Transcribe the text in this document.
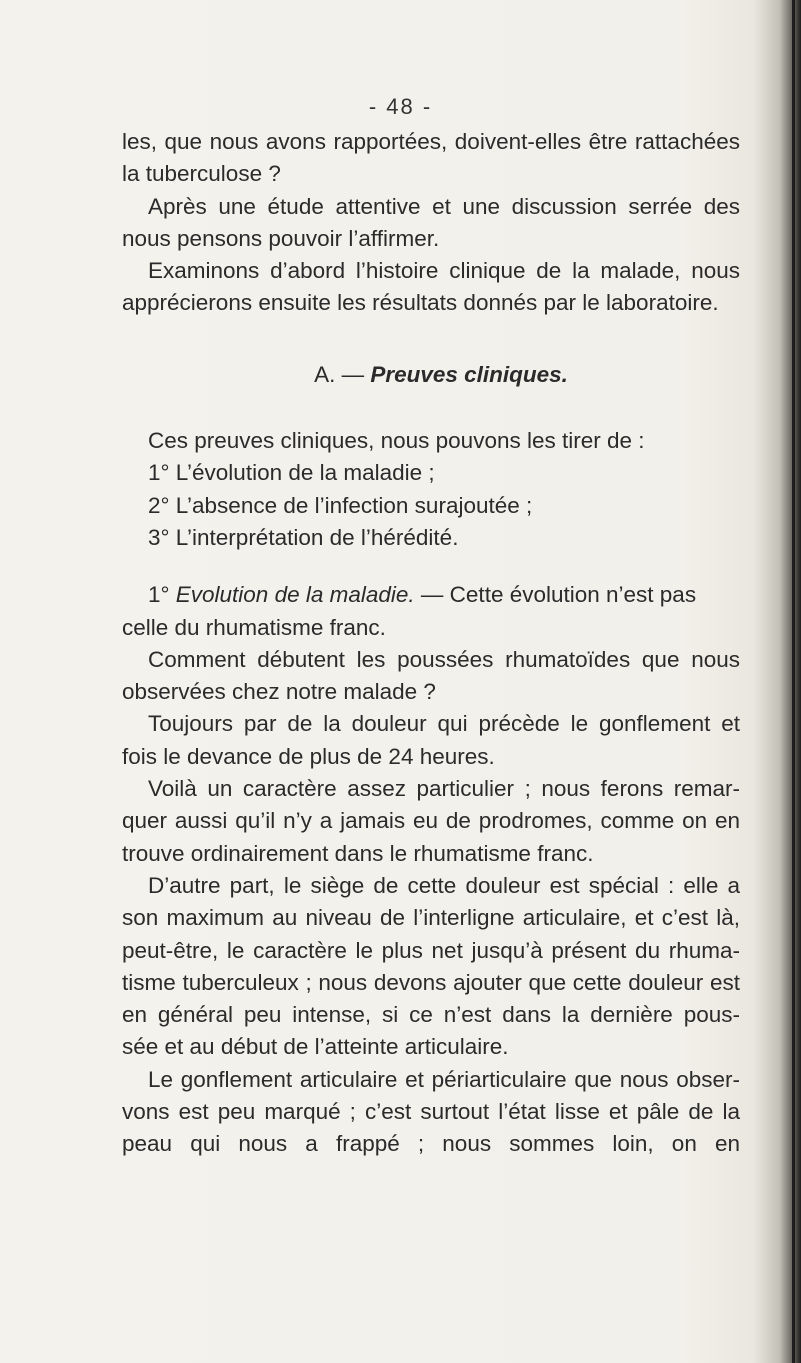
- 48 -
les, que nous avons rapportées, doivent-elles être rattachées
la tuberculose ?
Après une étude attentive et une discussion serrée des
nous pensons pouvoir l’affirmer.
Examinons d’abord l’histoire clinique de la malade, nous
apprécierons ensuite les résultats donnés par le laboratoire.
A. — Preuves cliniques.
Ces preuves cliniques, nous pouvons les tirer de :
1° L’évolution de la maladie ;
2° L’absence de l’infection surajoutée ;
3° L’interprétation de l’hérédité.
1° Evolution de la maladie. — Cette évolution n’est pas
celle du rhumatisme franc.
Comment débutent les poussées rhumatoïdes que nous
observées chez notre malade ?
Toujours par de la douleur qui précède le gonflement et
fois le devance de plus de 24 heures.
Voilà un caractère assez particulier ; nous ferons remar-
quer aussi qu’il n’y a jamais eu de prodromes, comme on en
trouve ordinairement dans le rhumatisme franc.
D’autre part, le siège de cette douleur est spécial : elle a
son maximum au niveau de l’interligne articulaire, et c’est là,
peut-être, le caractère le plus net jusqu’à présent du rhuma-
tisme tuberculeux ; nous devons ajouter que cette douleur est
en général peu intense, si ce n’est dans la dernière pous-
sée et au début de l’atteinte articulaire.
Le gonflement articulaire et périarticulaire que nous obser-
vons est peu marqué ; c’est surtout l’état lisse et pâle de la
peau qui nous a frappé ; nous sommes loin, on en
